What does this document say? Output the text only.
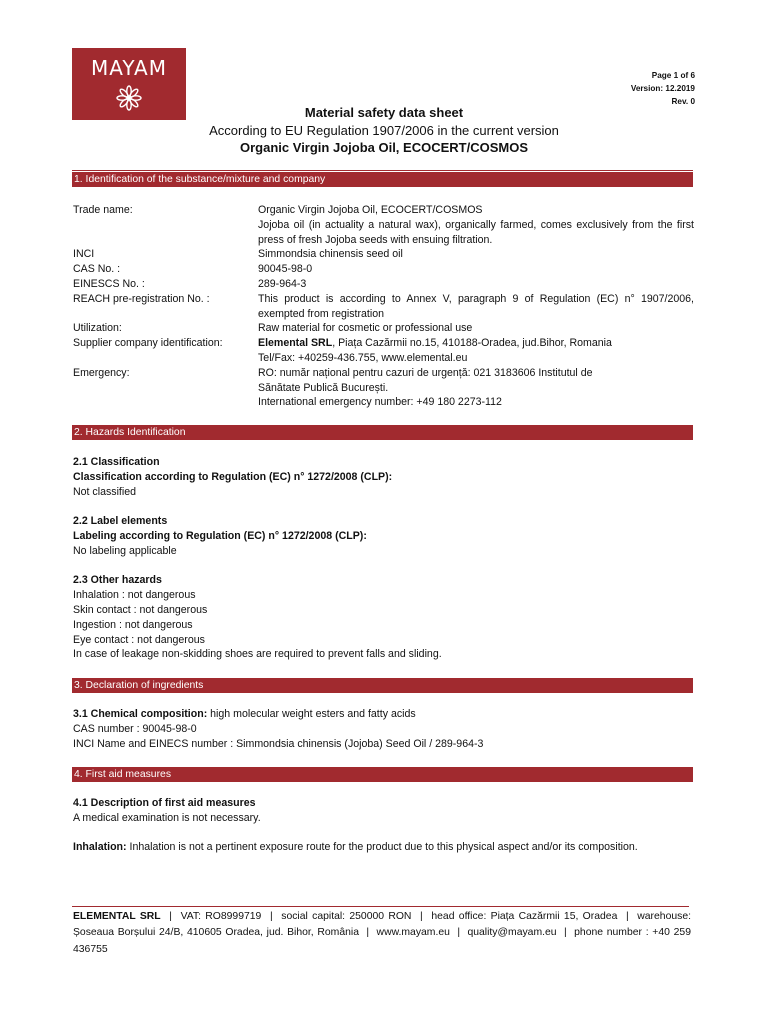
MAYAM	Page 1 of 6
Version: 12.2019
Rev. 0
Material safety data sheet
According to EU Regulation 1907/2006 in the current version
Organic Virgin Jojoba Oil, ECOCERT/COSMOS
1. Identification of the substance/mixture and company
Trade name:	Organic Virgin Jojoba Oil, ECOCERT/COSMOS
Jojoba oil (in actuality a natural wax), organically farmed, comes exclusively from the first press of fresh Jojoba seeds with ensuing filtration.
INCI	Simmondsia chinensis seed oil
CAS No. :	90045-98-0
EINESCS No. :	289-964-3
REACH pre-registration No. :	This product is according to Annex V, paragraph 9 of Regulation (EC) n° 1907/2006, exempted from registration
Utilization:	Raw material for cosmetic or professional use
Supplier company identification:	Elemental SRL, Piața Cazărmii no.15, 410188-Oradea, jud.Bihor, Romania
Tel/Fax: +40259-436.755, www.elemental.eu
Emergency:	RO: număr național pentru cazuri de urgență: 021 3183606 Institutul de Sănătate Publică București.
International emergency number: +49 180 2273-112
2. Hazards Identification

2.1 Classification

Classification according to Regulation (EC) n° 1272/2008 (CLP):

Not classified

2.2 Label elements

Labeling according to Regulation (EC) n° 1272/2008 (CLP):

No labeling applicable

2.3 Other hazards

Inhalation : not dangerous

Skin contact : not dangerous

Ingestion : not dangerous

Eye contact : not dangerous

In case of leakage non-skidding shoes are required to prevent falls and sliding.

3. Declaration of ingredients

3.1 Chemical composition: high molecular weight esters and fatty acids

CAS number : 90045-98-0

INCI Name and EINECS number : Simmondsia chinensis (Jojoba) Seed Oil / 289-964-3

4. First aid measures

4.1 Description of first aid measures

A medical examination is not necessary.

Inhalation: Inhalation is not a pertinent exposure route for the product due to this physical aspect and/or its composition.

ELEMENTAL SRL  |  VAT: RO8999719  |  social capital: 250000 RON  |  head office: Piața Cazărmii 15, Oradea  |  warehouse: Șoseaua Borșului 24/B, 410605 Oradea, jud. Bihor, România  |  www.mayam.eu  |  quality@mayam.eu  |  phone number : +40 259 436755
